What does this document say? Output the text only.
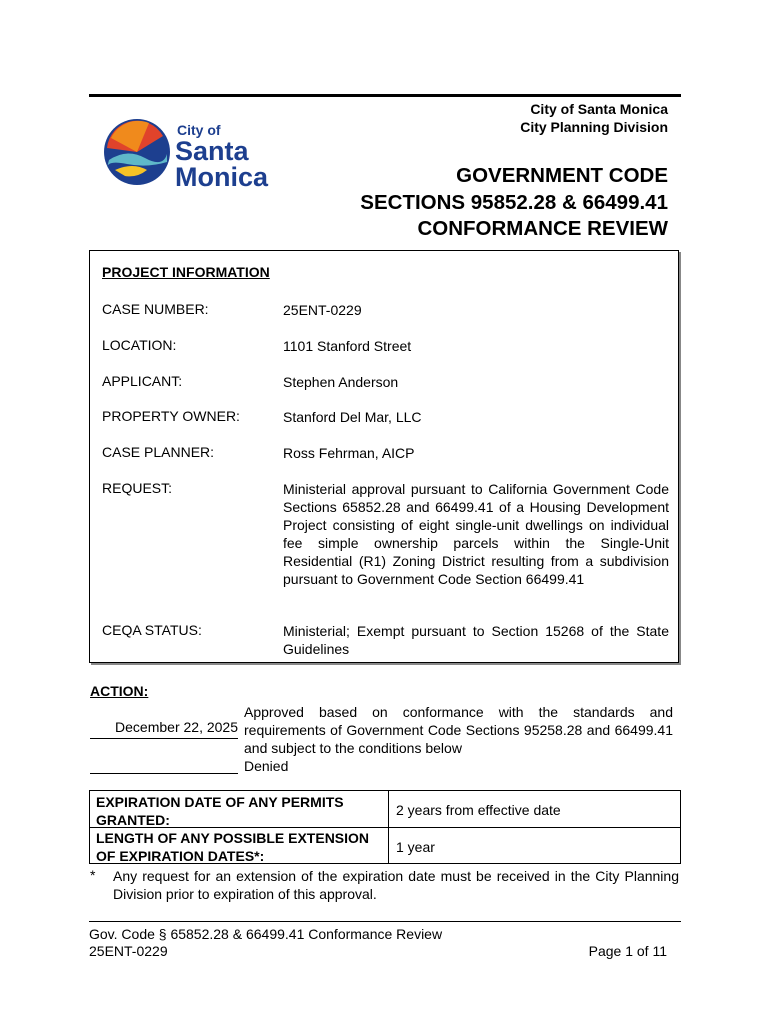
City of Santa Monica
City Planning Division
City of
Santa
Monica	GOVERNMENT CODE
SECTIONS 95852.28 & 66499.41
CONFORMANCE REVIEW
PROJECT INFORMATION
CASE NUMBER:	25ENT-0229
LOCATION:	1101 Stanford Street
APPLICANT:	Stephen Anderson
PROPERTY OWNER:	Stanford Del Mar, LLC
CASE PLANNER:	Ross Fehrman, AICP
REQUEST:	Ministerial approval pursuant to California Government Code Sections 65852.28 and 66499.41 of a Housing Development Project consisting of eight single-unit dwellings on individual fee simple ownership parcels within the Single-Unit Residential (R1) Zoning District resulting from a subdivision pursuant to Government Code Section 66499.41
CEQA STATUS:	Ministerial; Exempt pursuant to Section 15268 of the State Guidelines
ACTION:
December 22, 2025
Approved based on conformance with the standards and requirements of Government Code Sections 95258.28 and 66499.41 and subject to the conditions below
Denied
EXPIRATION DATE OF ANY PERMITS GRANTED:
2 years from effective date
LENGTH OF ANY POSSIBLE EXTENSION OF EXPIRATION DATES*:
1 year
* Any request for an extension of the expiration date must be received in the City Planning Division prior to expiration of this approval.
Gov. Code § 65852.28 & 66499.41 Conformance Review
25ENT-0229	Page 1 of 11
